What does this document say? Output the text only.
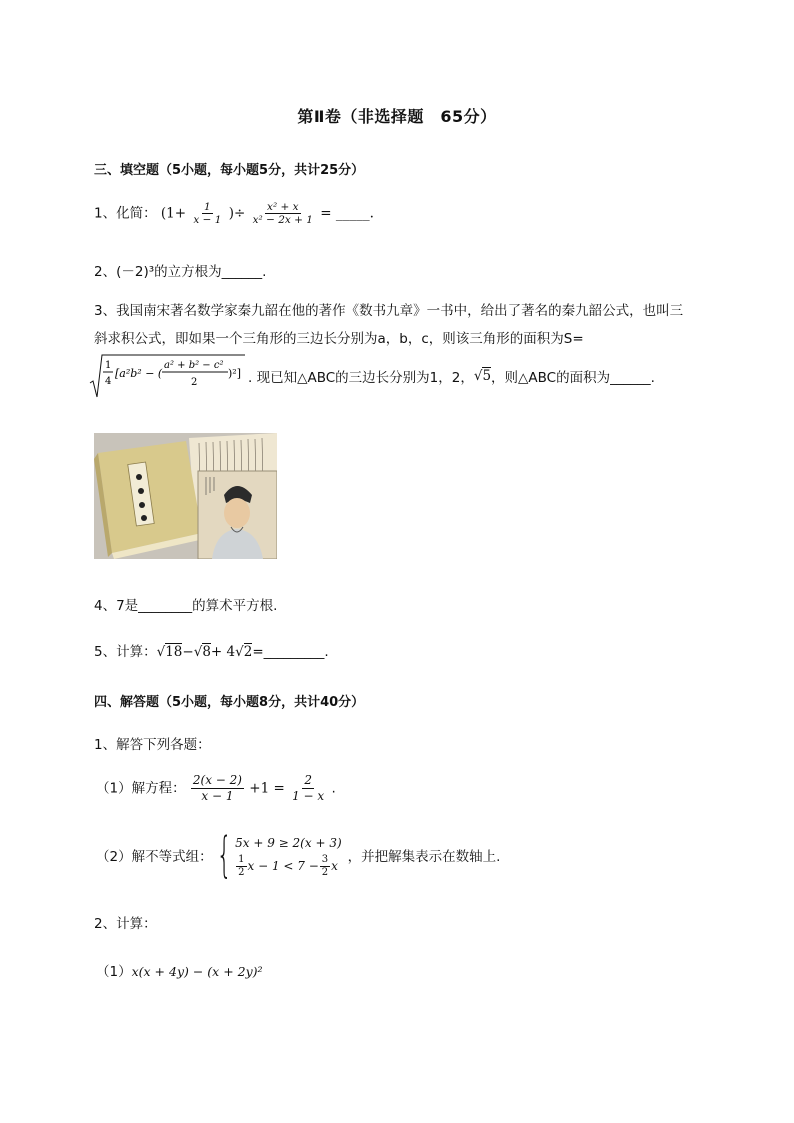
第Ⅱ卷（非选择题　65分）
三、填空题（5小题，每小题5分，共计25分）
1、化简： ($1+ \frac{1}{x - 1}$ )÷ $\frac{\text{x² + x}}{\text{x² − 2x + 1}}$ = _____.
2、(－2)³的立方根为______.
3、我国南宋著名数学家秦九韶在他的著作《数书九章》一书中，给出了著名的秦九韶公式，也叫三
斜求积公式，即如果一个三角形的三边长分别为a，b，c，则该三角形的面积为S=
1
4
[a²b² − (
a² + b² − c²
2
)²] . 现已知△ABC的三边长分别为1，2，√5，则△ABC的面积为______.
4、7是________的算术平方根.
5、计算：√18−√8+ 4√2=_________.
四、解答题（5小题，每小题8分，共计40分）
1、解答下列各题：
（1）解方程： $\frac{2(x - 2)}{x - 1} +1 = \frac{2}{1 - x}$ .
（2）解不等式组： { 5x + 9 ≥ 2(x + 3)
$\frac{1}{2}$ $x - 1 < 7 - \frac{3}{2}$ x
，并把解集表示在数轴上.
2、计算：
（1）x(x + 4y) − (x + 2y)²
